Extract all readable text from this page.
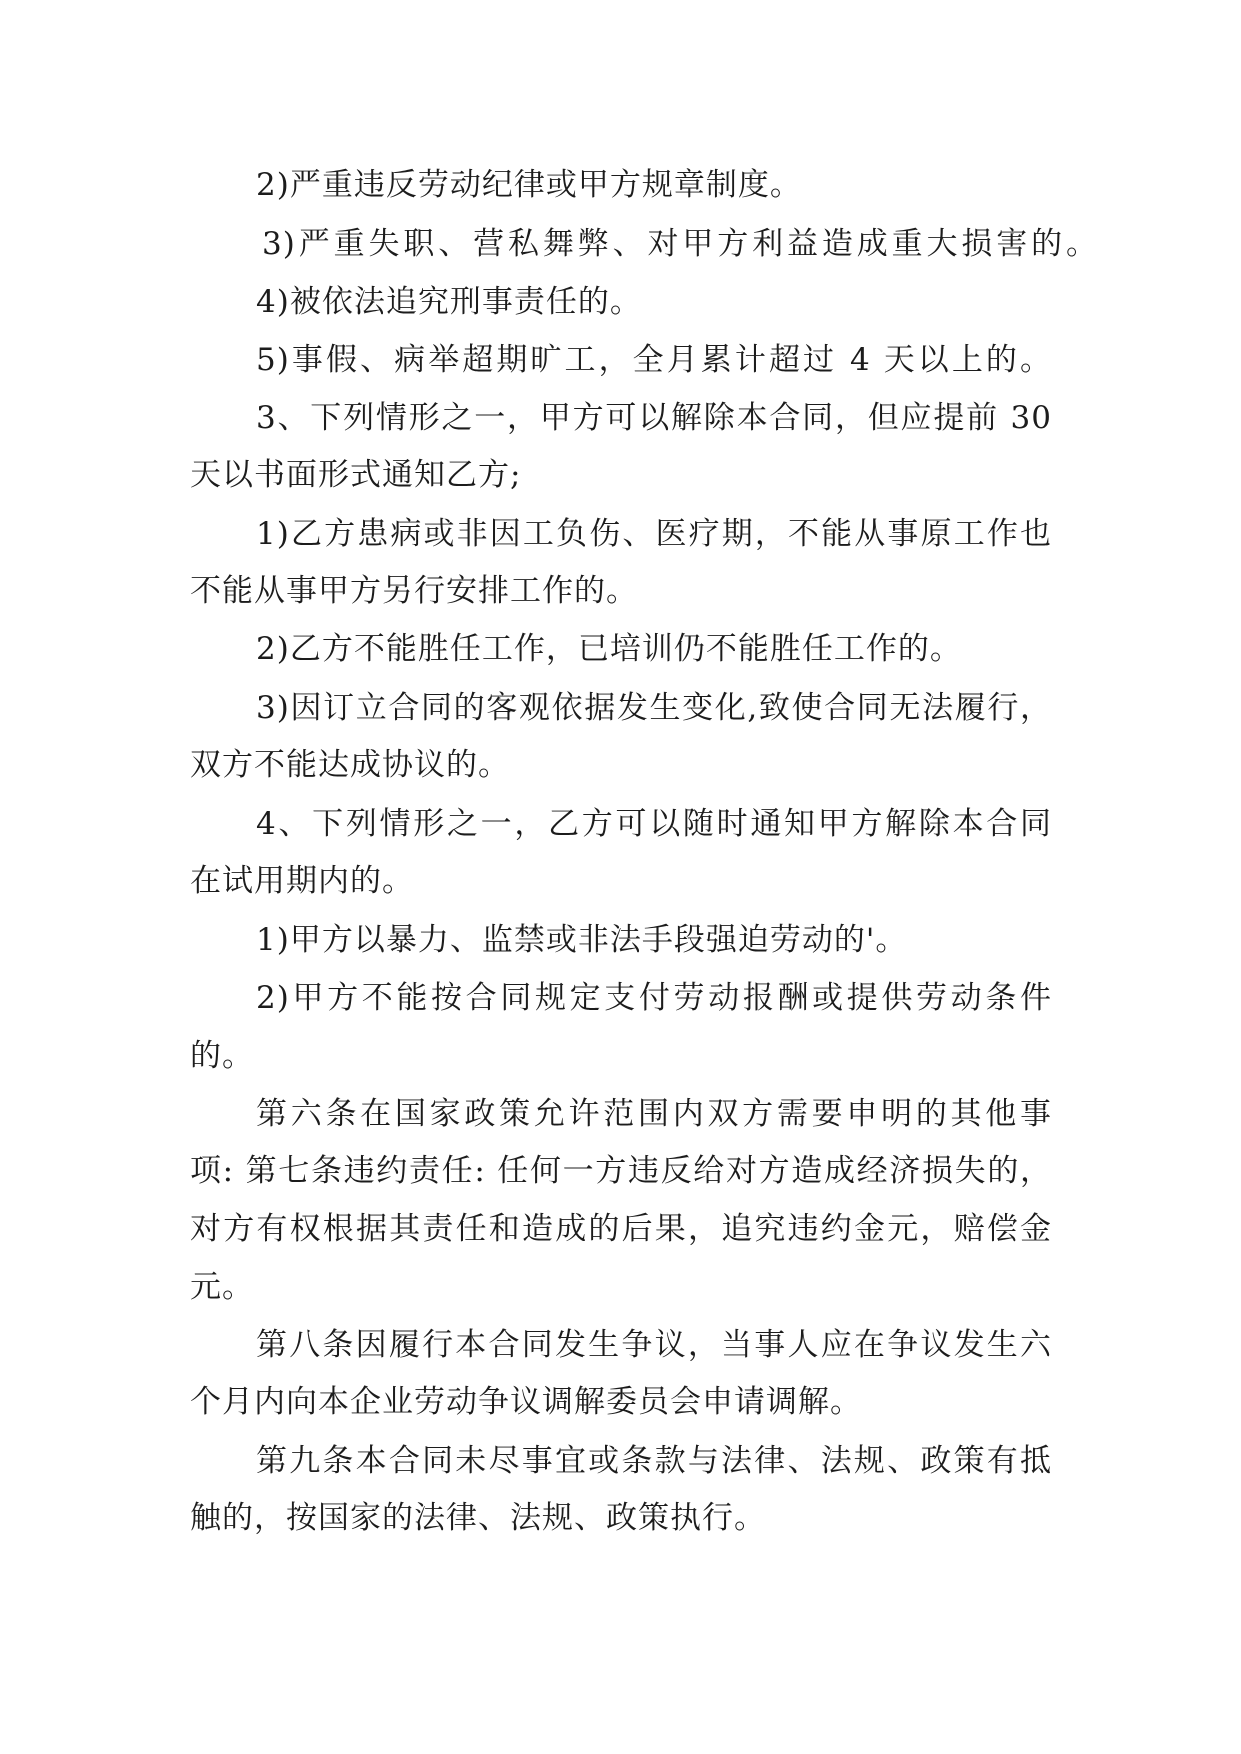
2)严重违反劳动纪律或甲方规章制度。
3)严重失职、营私舞弊、对甲方利益造成重大损害的。
4)被依法追究刑事责任的。
5)事假、病举超期旷工，全月累计超过 4 天以上的。
3、下列情形之一，甲方可以解除本合同，但应提前 30
天以书面形式通知乙方;
1)乙方患病或非因工负伤、医疗期，不能从事原工作也
不能从事甲方另行安排工作的。
2)乙方不能胜任工作，已培训仍不能胜任工作的。
3)因订立合同的客观依据发生变化,致使合同无法履行，
双方不能达成协议的。
4、下列情形之一，乙方可以随时通知甲方解除本合同
在试用期内的。
1)甲方以暴力、监禁或非法手段强迫劳动的'。
2)甲方不能按合同规定支付劳动报酬或提供劳动条件
的。
第六条在国家政策允许范围内双方需要申明的其他事
项: 第七条违约责任: 任何一方违反给对方造成经济损失的，
对方有权根据其责任和造成的后果，追究违约金元，赔偿金
元。
第八条因履行本合同发生争议，当事人应在争议发生六
个月内向本企业劳动争议调解委员会申请调解。
第九条本合同未尽事宜或条款与法律、法规、政策有抵
触的，按国家的法律、法规、政策执行。
